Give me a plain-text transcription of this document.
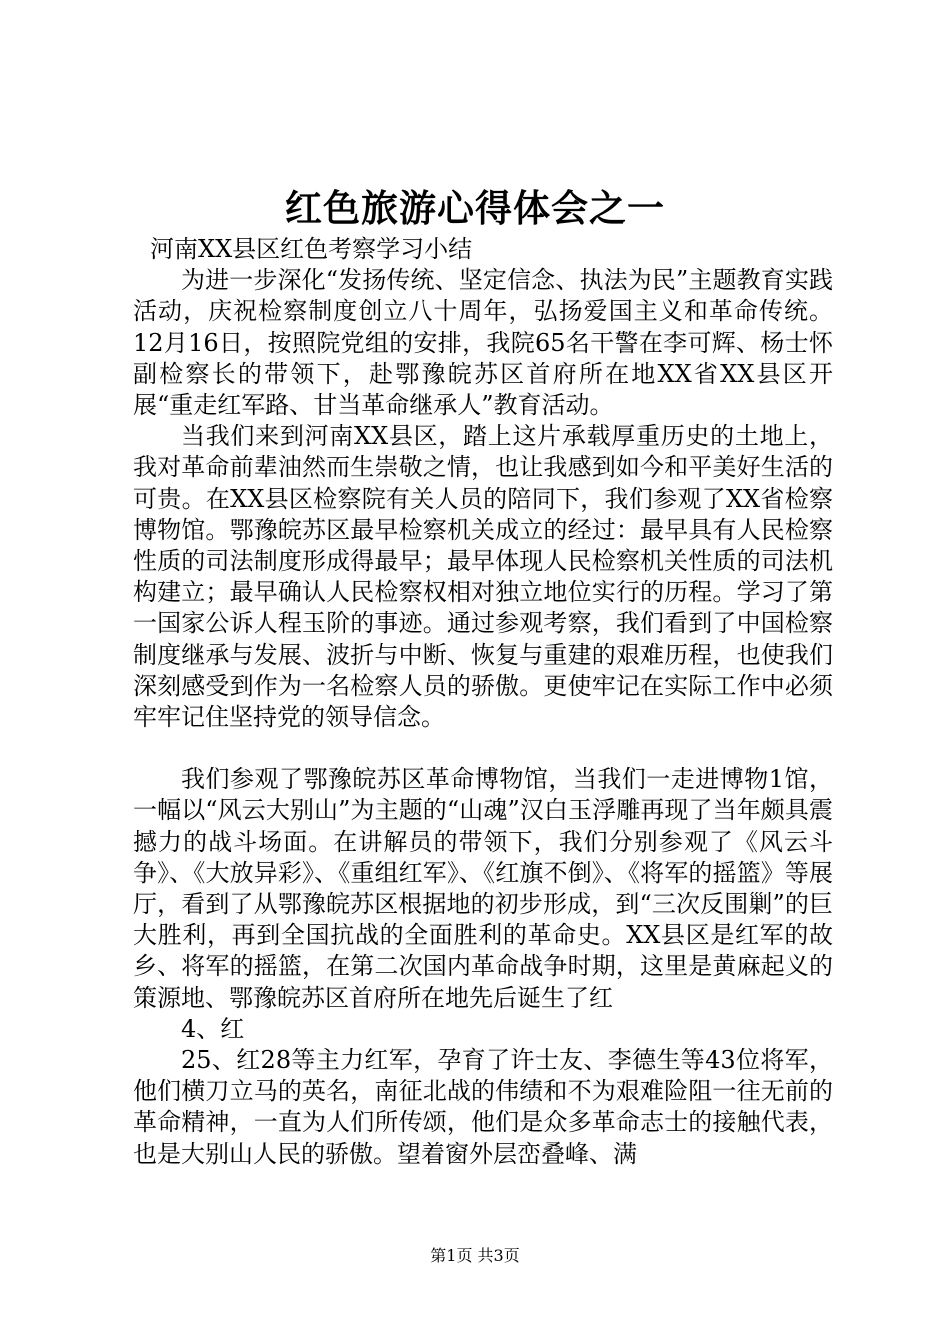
红色旅游心得体会之一

河南XX县区红色考察学习小结

为进一步深化“发扬传统、坚定信念、执法为民”主题教育实践活动，庆祝检察制度创立八十周年，弘扬爱国主义和革命传统。12月16日，按照院党组的安排，我院65名干警在李可辉、杨士怀副检察长的带领下，赴鄂豫皖苏区首府所在地XX省XX县区开展“重走红军路、甘当革命继承人”教育活动。

当我们来到河南XX县区，踏上这片承载厚重历史的土地上，我对革命前辈油然而生崇敬之情，也让我感到如今和平美好生活的可贵。在XX县区检察院有关人员的陪同下，我们参观了XX省检察博物馆。鄂豫皖苏区最早检察机关成立的经过：最早具有人民检察性质的司法制度形成得最早；最早体现人民检察机关性质的司法机构建立；最早确认人民检察权相对独立地位实行的历程。学习了第一国家公诉人程玉阶的事迹。通过参观考察，我们看到了中国检察制度继承与发展、波折与中断、恢复与重建的艰难历程，也使我们深刻感受到作为一名检察人员的骄傲。更使牢记在实际工作中必须牢牢记住坚持党的领导信念。

我们参观了鄂豫皖苏区革命博物馆，当我们一走进博物1馆，一幅以“风云大别山”为主题的“山魂”汉白玉浮雕再现了当年颇具震撼力的战斗场面。在讲解员的带领下，我们分别参观了《风云斗争》、《大放异彩》、《重组红军》、《红旗不倒》、《将军的摇篮》等展厅，看到了从鄂豫皖苏区根据地的初步形成，到“三次反围剿”的巨大胜利，再到全国抗战的全面胜利的革命史。XX县区是红军的故乡、将军的摇篮，在第二次国内革命战争时期，这里是黄麻起义的策源地、鄂豫皖苏区首府所在地先后诞生了红

4、红

25、红28等主力红军，孕育了许士友、李德生等43位将军，他们横刀立马的英名，南征北战的伟绩和不为艰难险阻一往无前的革命精神，一直为人们所传颂，他们是众多革命志士的接触代表，也是大别山人民的骄傲。望着窗外层峦叠峰、满

第1页 共3页
